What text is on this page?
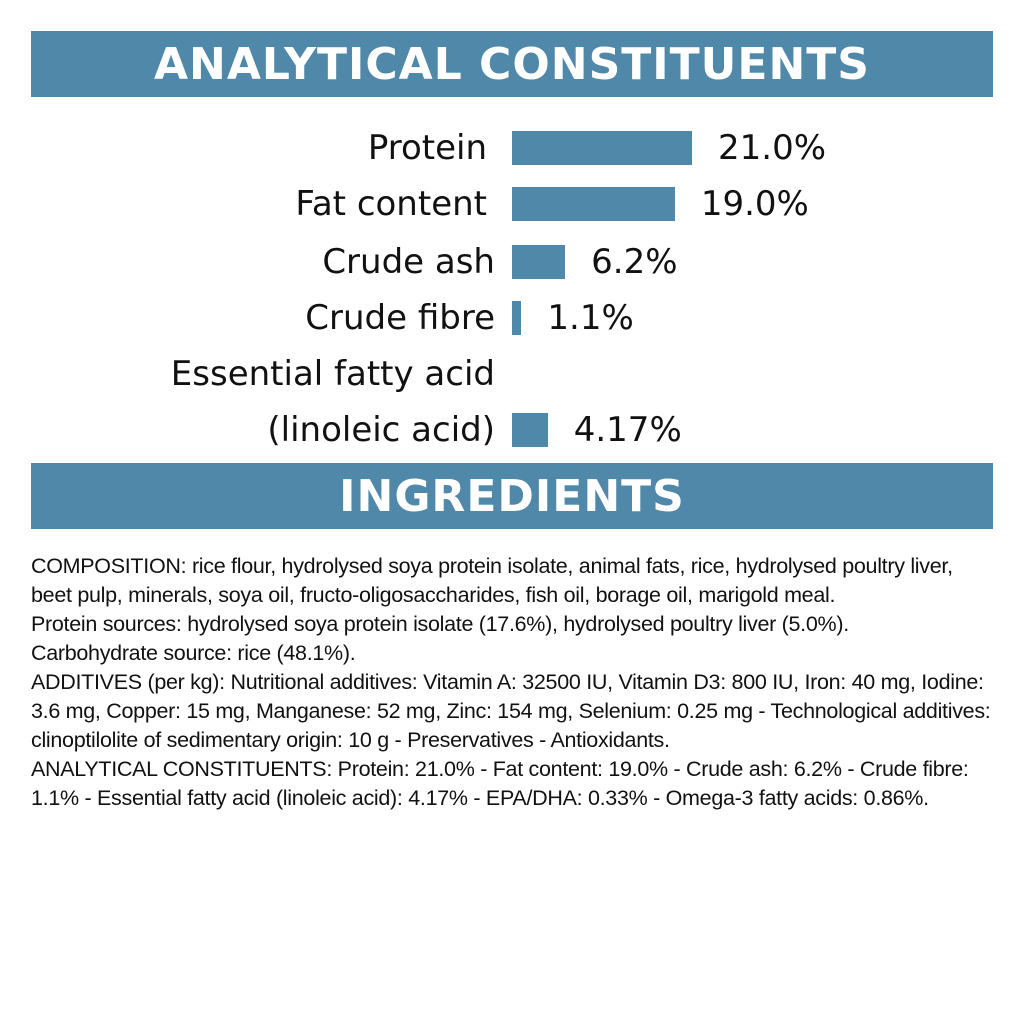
ANALYTICAL CONSTITUENTS
Protein	21.0%
Fat content	19.0%
Crude ash	6.2%
Crude fibre 1.1%
Essential fatty acid
(linoleic acid) 4.17%
INGREDIENTS

COMPOSITION: rice flour, hydrolysed soya protein isolate, animal fats, rice, hydrolysed poultry liver, beet pulp, minerals, soya oil, fructo-oligosaccharides, fish oil, borage oil, marigold meal.

Protein sources: hydrolysed soya protein isolate (17.6%), hydrolysed poultry liver (5.0%).

Carbohydrate source: rice (48.1%).

ADDITIVES (per kg): Nutritional additives: Vitamin A: 32500 IU, Vitamin D3: 800 IU, Iron: 40 mg, Iodine: 3.6 mg, Copper: 15 mg, Manganese: 52 mg, Zinc: 154 mg, Selenium: 0.25 mg - Technological additives: clinoptilolite of sedimentary origin: 10 g - Preservatives - Antioxidants.

ANALYTICAL CONSTITUENTS: Protein: 21.0% - Fat content: 19.0% - Crude ash: 6.2% - Crude fibre: 1.1% - Essential fatty acid (linoleic acid): 4.17% - EPA/DHA: 0.33% - Omega-3 fatty acids: 0.86%.
